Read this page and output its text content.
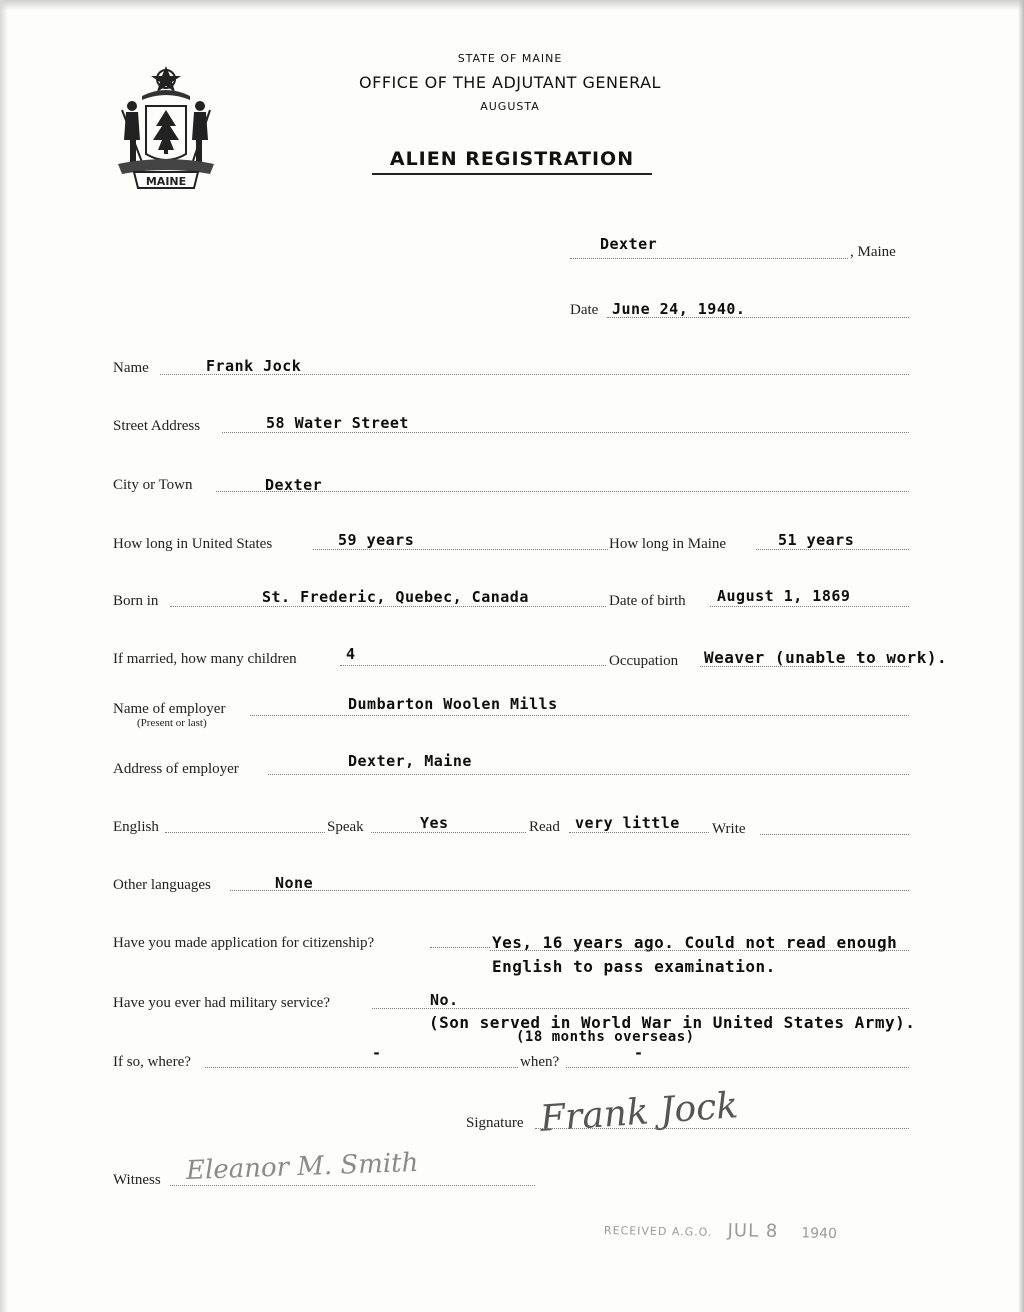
MAINE
STATE OF MAINE
OFFICE OF THE ADJUTANT GENERAL
AUGUSTA
ALIEN REGISTRATION
Dexter	, Maine
Date June 24, 1940.
Name	Frank Jock
Street Address	58 Water Street
City or Town	Dexter
How long in United States	59 years	How long in Maine	51 years
Born in	St. Frederic, Quebec, Canada	Date of birth August 1, 1869
If married, how many children	4	Occupation Weaver (unable to work).
Name of employer
(Present or last)
Dumbarton Woolen Mills
Address of employer	Dexter, Maine
English	Speak	Yes	Read very little Write
Other languages	None
Have you made application for citizenship?	Yes, 16 years ago. Could not read enough
English to pass examination.
Have you ever had military service?	No.
(Son served in World War in United States Army).
(18 months overseas)
If so, where?	-	when?	-
Signature Frank Jock
Witness Eleanor M. Smith
RECEIVED A.G.O. JUL 8 1940
